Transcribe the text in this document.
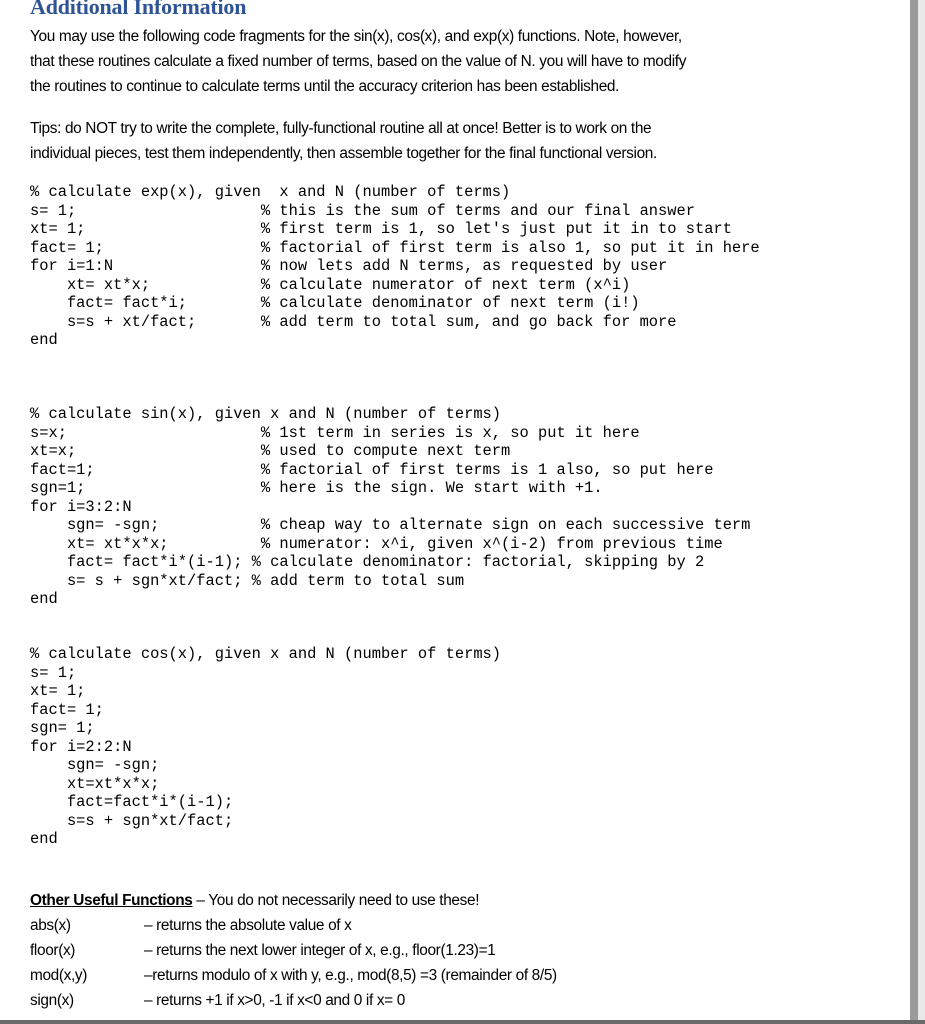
Additional Information
You may use the following code fragments for the sin(x), cos(x), and exp(x) functions. Note, however,
that these routines calculate a fixed number of terms, based on the value of N. you will have to modify
the routines to continue to calculate terms until the accuracy criterion has been established.
Tips: do NOT try to write the complete, fully-functional routine all at once! Better is to work on the
individual pieces, test them independently, then assemble together for the final functional version.
% calculate exp(x), given  x and N (number of terms)
s= 1;                    % this is the sum of terms and our final answer
xt= 1;                   % first term is 1, so let's just put it in to start
fact= 1;                 % factorial of first term is also 1, so put it in here
for i=1:N                % now lets add N terms, as requested by user
xt= xt*x;            % calculate numerator of next term (x^i)
fact= fact*i;        % calculate denominator of next term (i!)
s=s + xt/fact;       % add term to total sum, and go back for more
end
% calculate sin(x), given x and N (number of terms)
s=x;                     % 1st term in series is x, so put it here
xt=x;                    % used to compute next term
fact=1;                  % factorial of first terms is 1 also, so put here
sgn=1;                   % here is the sign. We start with +1.
for i=3:2:N
sgn= -sgn;           % cheap way to alternate sign on each successive term
xt= xt*x*x;          % numerator: x^i, given x^(i-2) from previous time
fact= fact*i*(i-1); % calculate denominator: factorial, skipping by 2
s= s + sgn*xt/fact; % add term to total sum
end
% calculate cos(x), given x and N (number of terms)
s= 1;
xt= 1;
fact= 1;
sgn= 1;
for i=2:2:N
sgn= -sgn;
xt=xt*x*x;
fact=fact*i*(i-1);
s=s + sgn*xt/fact;
end
Other Useful Functions – You do not necessarily need to use these!
abs(x)	– returns the absolute value of x
floor(x)	– returns the next lower integer of x, e.g., floor(1.23)=1
mod(x,y)	–returns modulo of x with y, e.g., mod(8,5) =3 (remainder of 8/5)
sign(x)	– returns +1 if x>0, -1 if x<0 and 0 if x= 0
